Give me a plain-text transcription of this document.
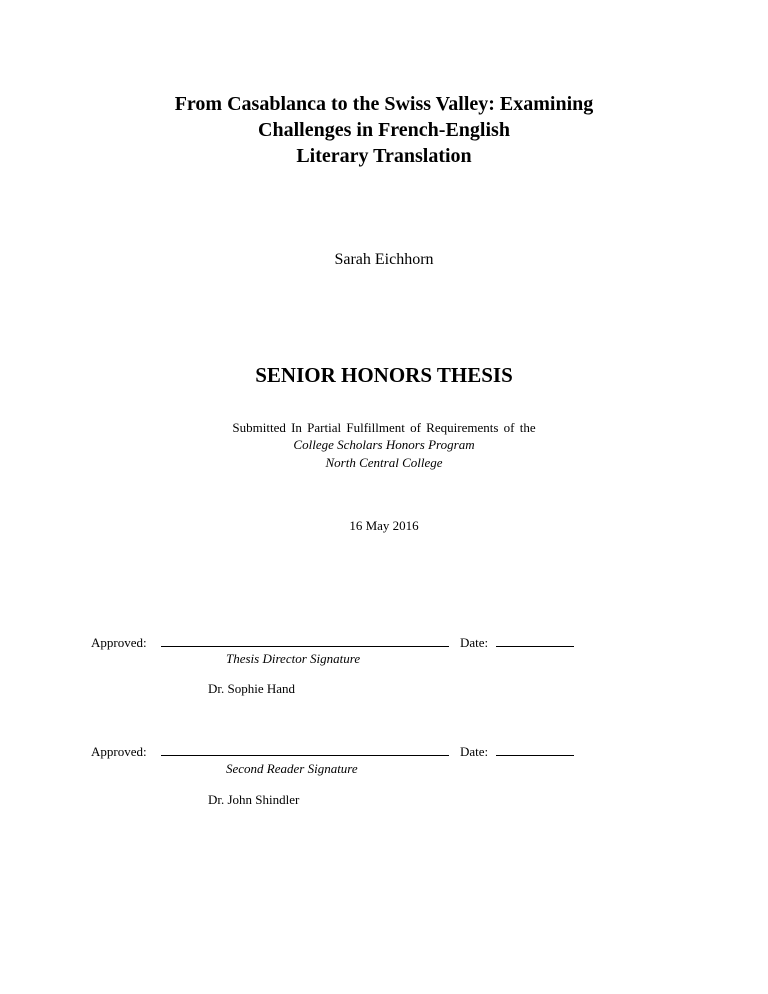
From Casablanca to the Swiss Valley: Examining
Challenges in French-English
Literary Translation
Sarah Eichhorn
SENIOR HONORS THESIS
Submitted In Partial Fulfillment of Requirements of the
College Scholars Honors Program
North Central College
16 May 2016
Approved:	Date:
Thesis Director Signature
Dr. Sophie Hand
Approved:	Date:
Second Reader Signature
Dr. John Shindler
